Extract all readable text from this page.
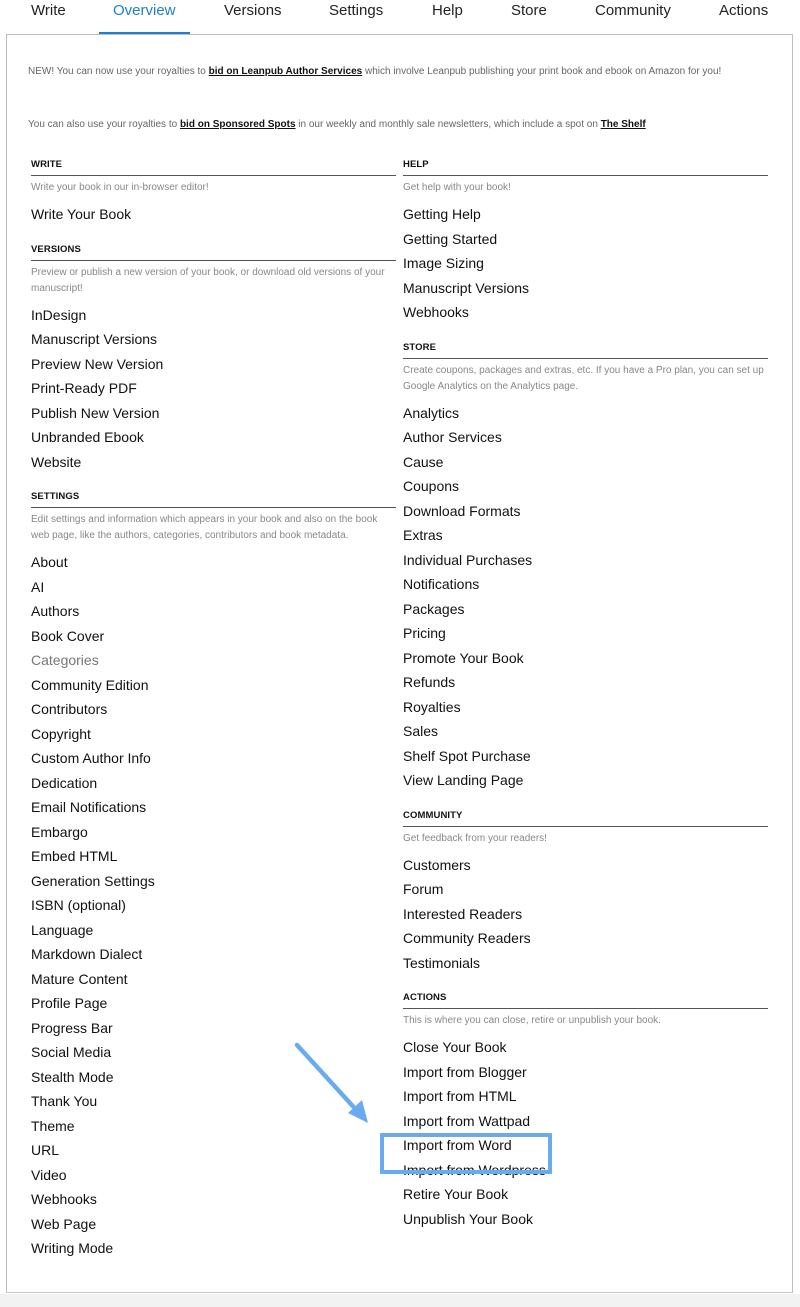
Write	Overview	Versions	Settings	Help	Store	Community	Actions
NEW! You can now use your royalties to bid on Leanpub Author Services which involve Leanpub publishing your print book and ebook on Amazon for you!
You can also use your royalties to bid on Sponsored Spots in our weekly and monthly sale newsletters, which include a spot on The Shelf
WRITE
Write your book in our in-browser editor!
Write Your Book
VERSIONS
Preview or publish a new version of your book, or download old versions of your manuscript!
InDesign
Manuscript Versions
Preview New Version
Print-Ready PDF
Publish New Version
Unbranded Ebook
Website
SETTINGS
Edit settings and information which appears in your book and also on the book web page, like the authors, categories, contributors and book metadata.
About
AI
Authors
Book Cover
Categories
Community Edition
Contributors
Copyright
Custom Author Info
Dedication
Email Notifications
Embargo
Embed HTML
Generation Settings
ISBN (optional)
Language
Markdown Dialect
Mature Content
Profile Page
Progress Bar
Social Media
Stealth Mode
Thank You
Theme
URL
Video
Webhooks
Web Page
Writing Mode
HELP
Get help with your book!
Getting Help
Getting Started
Image Sizing
Manuscript Versions
Webhooks
STORE
Create coupons, packages and extras, etc. If you have a Pro plan, you can set up Google Analytics on the Analytics page.
Analytics
Author Services
Cause
Coupons
Download Formats
Extras
Individual Purchases
Notifications
Packages
Pricing
Promote Your Book
Refunds
Royalties
Sales
Shelf Spot Purchase
View Landing Page
COMMUNITY
Get feedback from your readers!
Customers
Forum
Interested Readers
Community Readers
Testimonials
ACTIONS
This is where you can close, retire or unpublish your book.
Close Your Book
Import from Blogger
Import from HTML
Import from Wattpad
Import from Word
Import from Wordpress
Retire Your Book
Unpublish Your Book
